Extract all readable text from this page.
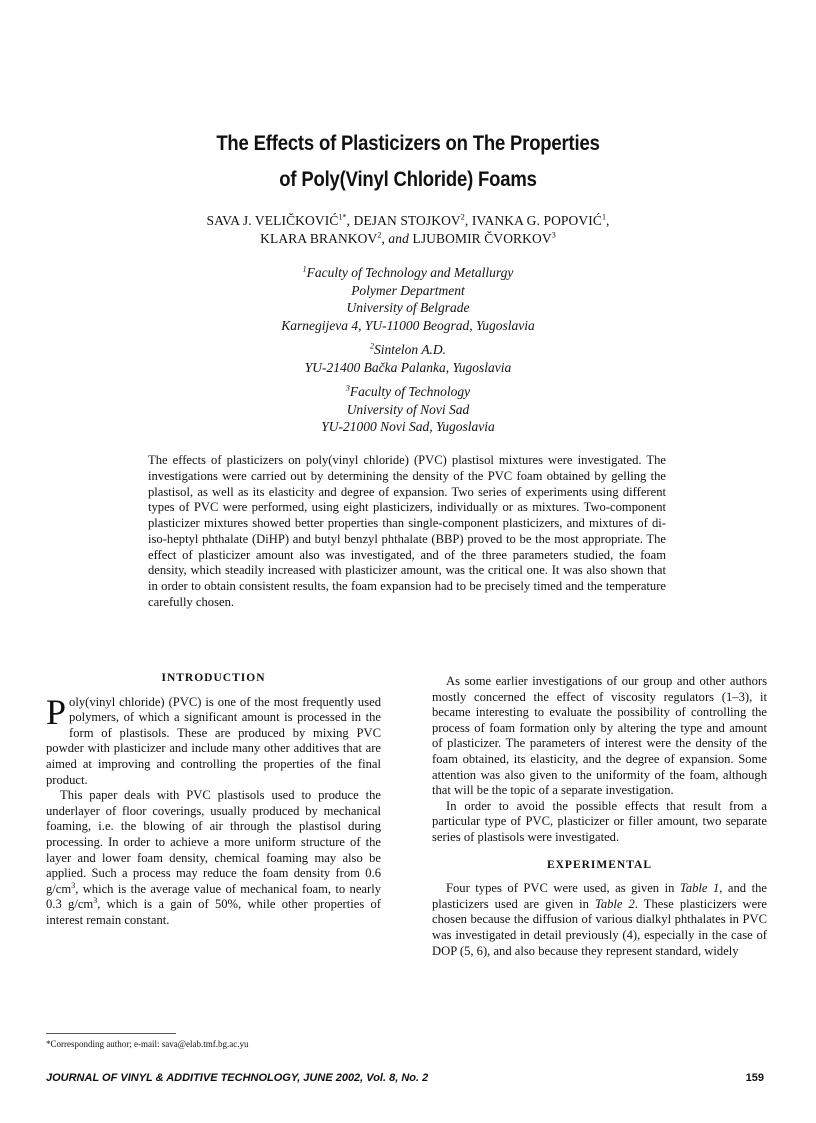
The Effects of Plasticizers on The Properties
of Poly(Vinyl Chloride) Foams
SAVA J. $VELIČKOVIĆ^{1*}$, DEJAN STOJKOV$^2$, IVANKA G. POPOVIĆ$^1$,
KLARA BRANKOV$^2$, and LJUBOMIR ČVORKOV$^3$
$^1$Faculty of Technology and Metallurgy
Polymer Department
University of Belgrade
Karnegijeva 4, YU-11000 Beograd, Yugoslavia
$^2$Sintelon A.D.
YU-21400 Bačka Palanka, Yugoslavia
$^3$Faculty of Technology
University of Novi Sad
YU-21000 Novi Sad, Yugoslavia
The effects of plasticizers on poly(vinyl chloride) (PVC) plastisol mixtures were investigated. The investigations were carried out by determining the density of the PVC foam obtained by gelling the plastisol, as well as its elasticity and degree of expansion. Two series of experiments using different types of PVC were performed, using eight plasticizers, individually or as mixtures. Two-component plasticizer mixtures showed better properties than single-component plasticizers, and mixtures of di-iso-heptyl phthalate (DiHP) and butyl benzyl phthalate (BBP) proved to be the most appropriate. The effect of plasticizer amount also was investigated, and of the three parameters studied, the foam density, which steadily increased with plasticizer amount, was the critical one. It was also shown that in order to obtain consistent results, the foam expansion had to be precisely timed and the temperature carefully chosen.
INTRODUCTION

Poly(vinyl chloride) (PVC) is one of the most frequently used polymers, of which a significant amount is processed in the form of plastisols. These are produced by mixing PVC powder with plasticizer and include many other additives that are aimed at improving and controlling the properties of the final product.

This paper deals with PVC plastisols used to produce the underlayer of floor coverings, usually produced by mechanical foaming, i.e. the blowing of air through the plastisol during processing. In order to achieve a more uniform structure of the layer and lower foam density, chemical foaming may also be applied. Such a process may reduce the foam density from 0.6 $g/cm^3$, which is the average value of mechanical foam, to nearly 0.3 $g/cm^3$, which is a gain of 50%, while other properties of interest remain constant.

As some earlier investigations of our group and other authors mostly concerned the effect of viscosity regulators (1–3), it became interesting to evaluate the possibility of controlling the process of foam formation only by altering the type and amount of plasticizer. The parameters of interest were the density of the foam obtained, its elasticity, and the degree of expansion. Some attention was also given to the uniformity of the foam, although that will be the topic of a separate investigation.

In order to avoid the possible effects that result from a particular type of PVC, plasticizer or filler amount, two separate series of plastisols were investigated.

EXPERIMENTAL

Four types of PVC were used, as given in Table 1, and the plasticizers used are given in Table 2. These plasticizers were chosen because the diffusion of various dialkyl phthalates in PVC was investigated in detail previously (4), especially in the case of DOP (5, 6), and also because they represent standard, widely

*Corresponding author; e-mail: sava@elab.tmf.bg.ac.yu
JOURNAL OF VINYL & ADDITIVE TECHNOLOGY, JUNE 2002, Vol. 8, No. 2	159
